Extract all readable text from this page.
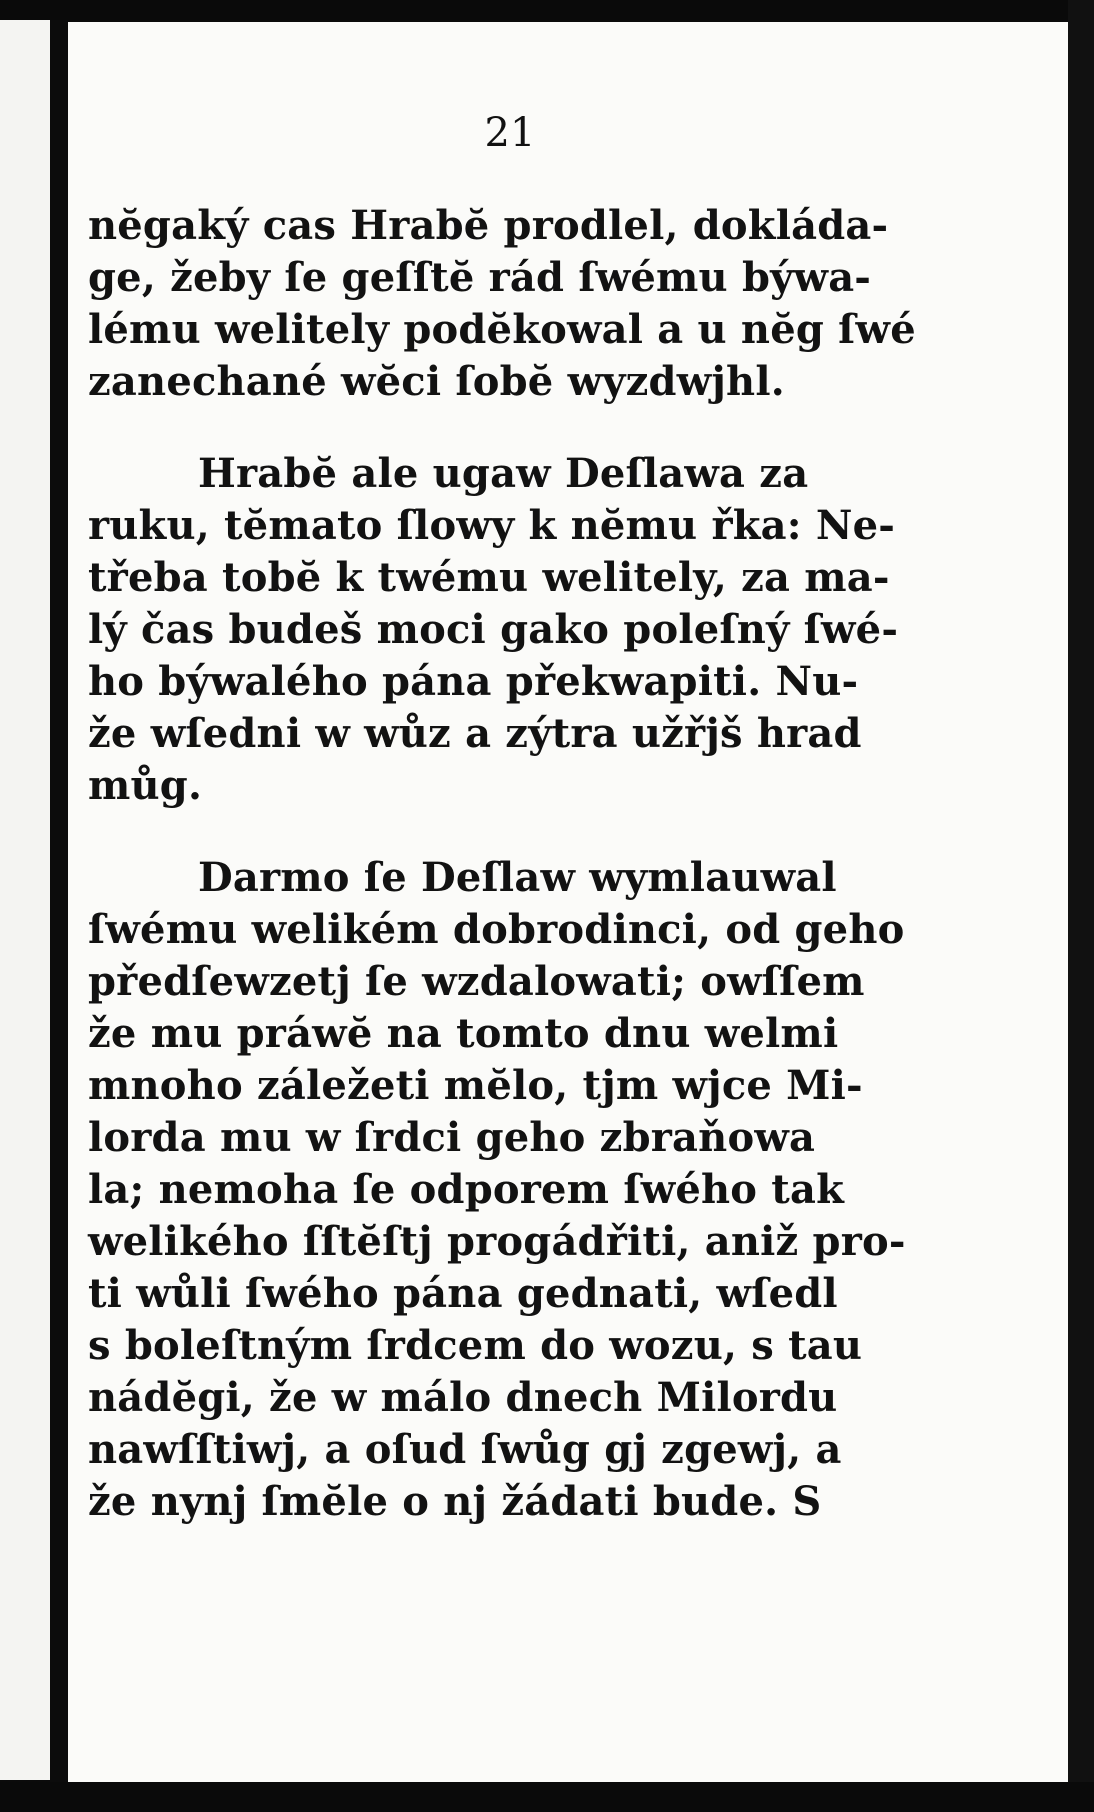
21

nĕgaký cas Hrabĕ prodlel, dokláda-
ge, žeby ſe geſſtĕ rád ſwému býwa-
lému welitely podĕkowal a u nĕg ſwé
zanechané wĕci ſobĕ wyzdwjhl.

Hrabĕ ale ugaw Deſlawa za
ruku, tĕmato ſlowy k nĕmu řka: Ne-
třeba tobĕ k twému welitely, za ma-
lý čas budeš moci gako poleſný ſwé-
ho býwalého pána překwapiti. Nu-
že wſedni w wůz a zýtra užřjš hrad
můg.

Darmo ſe Deſlaw wymlauwal
ſwému welikém dobrodinci, od geho
předſewzetj ſe wzdalowati; owſſem
že mu práwĕ na tomto dnu welmi
mnoho záležeti mĕlo, tjm wjce Mi-
lorda mu w ſrdci geho zbraňowa
la; nemoha ſe odporem ſwého tak
welikého ſſtĕſtj progádřiti, aniž pro-
ti wůli ſwého pána gednati, wſedl
s boleſtným ſrdcem do wozu, s tau
nádĕgi, že w málo dnech Milordu
nawſſtiwj, a oſud ſwůg gj zgewj, a
že nynj ſmĕle o nj žádati bude. S
